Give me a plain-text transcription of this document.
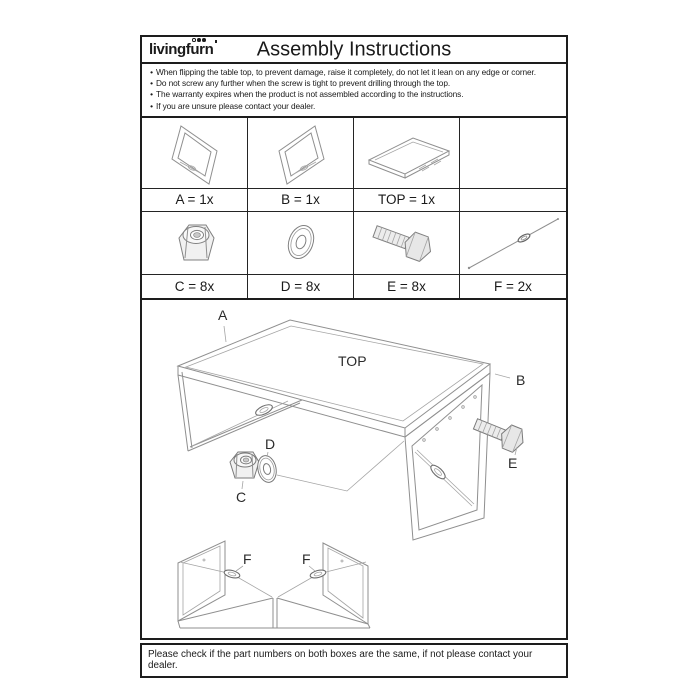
livingfurn Assembly Instructions
• When flipping the table top, to prevent damage, raise it completely, do not let it lean on any edge or corner.
• Do not screw any further when the screw is tight to prevent drilling through the top.
• The warranty expires when the product is not assembled according to the instructions.
• If you are unsure please contact your dealer.
A = 1x	B = 1x	TOP = 1x
C = 8x	D = 8x	E = 8x	F = 2x
A
TOP
B
C
D
E
F	F
Please check if the part numbers on both boxes are the same, if not please contact your dealer.
